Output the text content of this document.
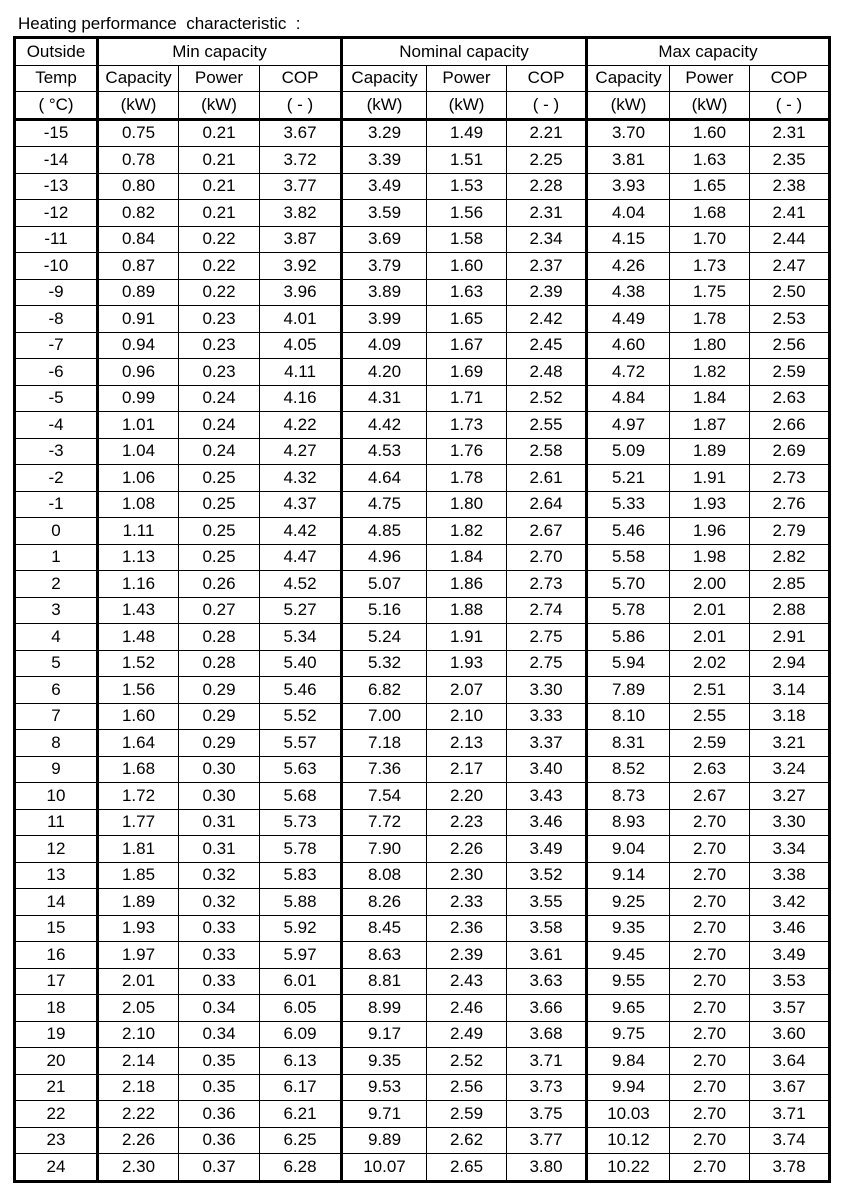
Heating performance  characteristic  :
Outside	Min capacity			Nominal capacity			Max capacity		
Temp	Capacity	Power	COP	Capacity	Power	COP	Capacity	Power	COP
( °C)	(kW)	(kW)	( - )	(kW)	(kW)	( - )	(kW)	(kW)	( - )
-15	0.75	0.21	3.67	3.29	1.49	2.21	3.70	1.60	2.31
-14	0.78	0.21	3.72	3.39	1.51	2.25	3.81	1.63	2.35
-13	0.80	0.21	3.77	3.49	1.53	2.28	3.93	1.65	2.38
-12	0.82	0.21	3.82	3.59	1.56	2.31	4.04	1.68	2.41
-11	0.84	0.22	3.87	3.69	1.58	2.34	4.15	1.70	2.44
-10	0.87	0.22	3.92	3.79	1.60	2.37	4.26	1.73	2.47
-9	0.89	0.22	3.96	3.89	1.63	2.39	4.38	1.75	2.50
-8	0.91	0.23	4.01	3.99	1.65	2.42	4.49	1.78	2.53
-7	0.94	0.23	4.05	4.09	1.67	2.45	4.60	1.80	2.56
-6	0.96	0.23	4.11	4.20	1.69	2.48	4.72	1.82	2.59
-5	0.99	0.24	4.16	4.31	1.71	2.52	4.84	1.84	2.63
-4	1.01	0.24	4.22	4.42	1.73	2.55	4.97	1.87	2.66
-3	1.04	0.24	4.27	4.53	1.76	2.58	5.09	1.89	2.69
-2	1.06	0.25	4.32	4.64	1.78	2.61	5.21	1.91	2.73
-1	1.08	0.25	4.37	4.75	1.80	2.64	5.33	1.93	2.76
0	1.11	0.25	4.42	4.85	1.82	2.67	5.46	1.96	2.79
1	1.13	0.25	4.47	4.96	1.84	2.70	5.58	1.98	2.82
2	1.16	0.26	4.52	5.07	1.86	2.73	5.70	2.00	2.85
3	1.43	0.27	5.27	5.16	1.88	2.74	5.78	2.01	2.88
4	1.48	0.28	5.34	5.24	1.91	2.75	5.86	2.01	2.91
5	1.52	0.28	5.40	5.32	1.93	2.75	5.94	2.02	2.94
6	1.56	0.29	5.46	6.82	2.07	3.30	7.89	2.51	3.14
7	1.60	0.29	5.52	7.00	2.10	3.33	8.10	2.55	3.18
8	1.64	0.29	5.57	7.18	2.13	3.37	8.31	2.59	3.21
9	1.68	0.30	5.63	7.36	2.17	3.40	8.52	2.63	3.24
10	1.72	0.30	5.68	7.54	2.20	3.43	8.73	2.67	3.27
11	1.77	0.31	5.73	7.72	2.23	3.46	8.93	2.70	3.30
12	1.81	0.31	5.78	7.90	2.26	3.49	9.04	2.70	3.34
13	1.85	0.32	5.83	8.08	2.30	3.52	9.14	2.70	3.38
14	1.89	0.32	5.88	8.26	2.33	3.55	9.25	2.70	3.42
15	1.93	0.33	5.92	8.45	2.36	3.58	9.35	2.70	3.46
16	1.97	0.33	5.97	8.63	2.39	3.61	9.45	2.70	3.49
17	2.01	0.33	6.01	8.81	2.43	3.63	9.55	2.70	3.53
18	2.05	0.34	6.05	8.99	2.46	3.66	9.65	2.70	3.57
19	2.10	0.34	6.09	9.17	2.49	3.68	9.75	2.70	3.60
20	2.14	0.35	6.13	9.35	2.52	3.71	9.84	2.70	3.64
21	2.18	0.35	6.17	9.53	2.56	3.73	9.94	2.70	3.67
22	2.22	0.36	6.21	9.71	2.59	3.75	10.03	2.70	3.71
23	2.26	0.36	6.25	9.89	2.62	3.77	10.12	2.70	3.74
24	2.30	0.37	6.28	10.07	2.65	3.80	10.22	2.70	3.78
